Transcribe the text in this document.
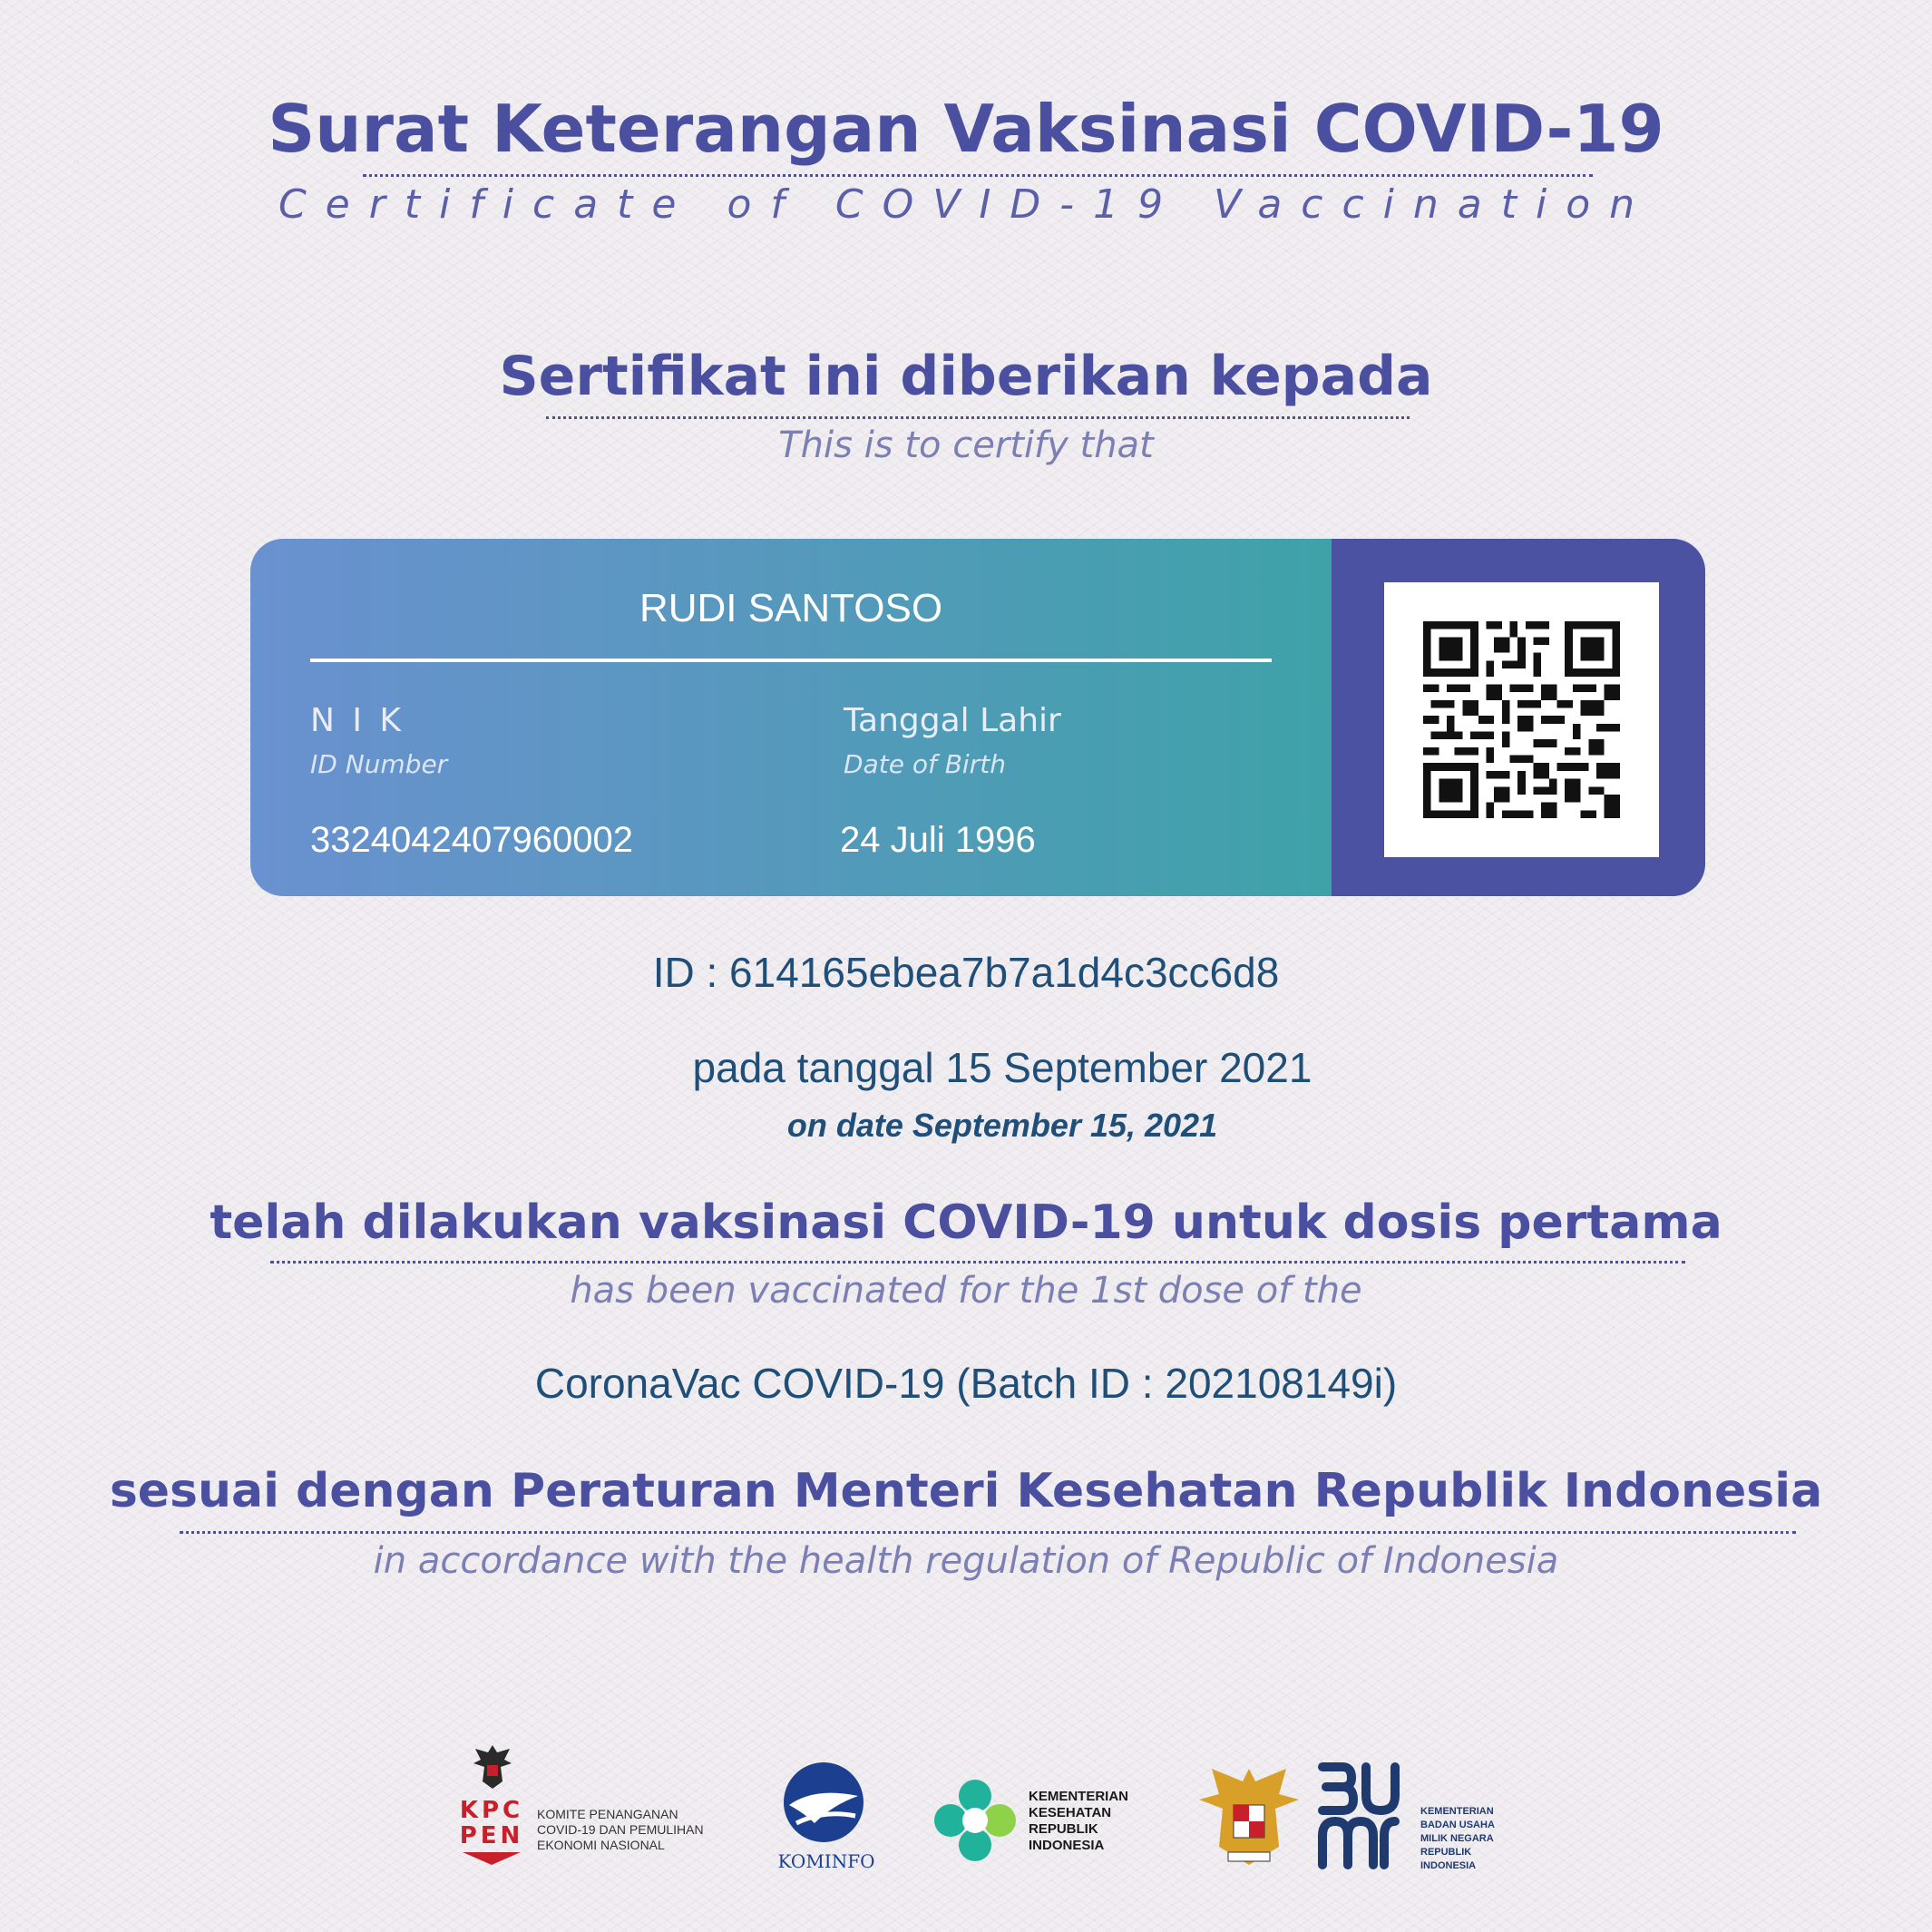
Surat Keterangan Vaksinasi COVID-19
Certificate of COVID-19 Vaccination
Sertifikat ini diberikan kepada
This is to certify that
RUDI SANTOSO
N I K
ID Number
3324042407960002
Tanggal Lahir
Date of Birth
24 Juli 1996
ID : 614165ebea7b7a1d4c3cc6d8
pada tanggal 15 September 2021
on date September 15, 2021
telah dilakukan vaksinasi COVID-19 untuk dosis pertama
has been vaccinated for the 1st dose of the
CoronaVac COVID-19 (Batch ID : 202108149i)
sesuai dengan Peraturan Menteri Kesehatan Republik Indonesia
in accordance with the health regulation of Republic of Indonesia
KPC
PEN
KOMITE PENANGANAN
COVID-19 DAN PEMULIHAN
EKONOMI NASIONAL
KOMINFO
KEMENTERIAN
KESEHATAN
REPUBLIK
INDONESIA
KEMENTERIAN
BADAN USAHA
MILIK NEGARA
REPUBLIK
INDONESIA
